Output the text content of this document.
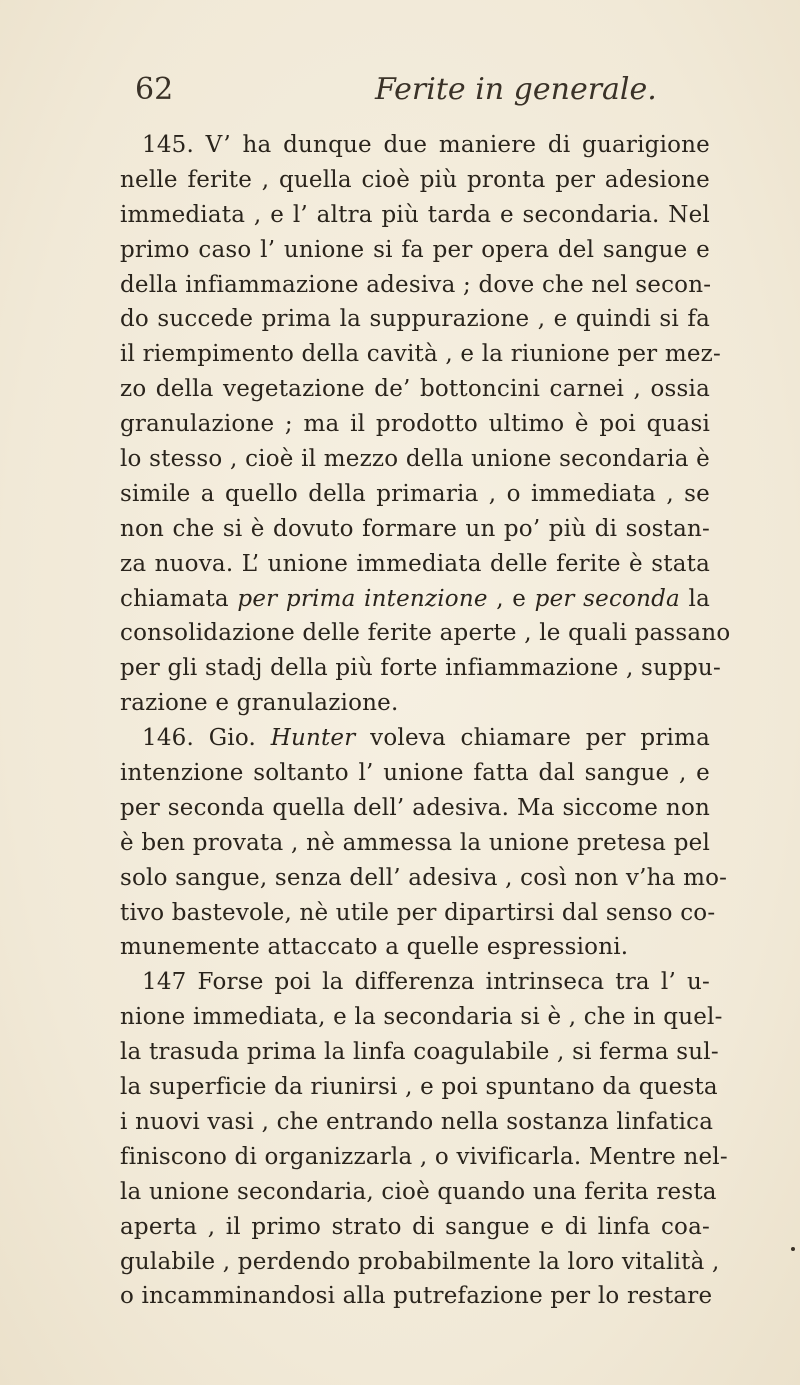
62	Ferite in generale.
145. V’ ha dunque due maniere di guarigione
nelle ferite , quella cioè più pronta per adesione
immediata , e l’ altra più tarda e secondaria. Nel
primo caso l’ unione si fa per opera del sangue e
della infiammazione adesiva ; dove che nel secon-
do succede prima la suppurazione , e quindi si fa
il riempimento della cavità , e la riunione per mez-
zo della vegetazione de’ bottoncini carnei , ossia
granulazione ; ma il prodotto ultimo è poi quasi
lo stesso , cioè il mezzo della unione secondaria è
simile a quello della primaria , o immediata , se
non che si è dovuto formare un po’ più di sostan-
za nuova. L’ unione immediata delle ferite è stata
chiamata per prima intenzione , e per seconda la
consolidazione delle ferite aperte , le quali passano
per gli stadj della più forte infiammazione , suppu-
razione e granulazione.
146. Gio. Hunter voleva chiamare per prima
intenzione soltanto l’ unione fatta dal sangue , e
per seconda quella dell’ adesiva. Ma siccome non
è ben provata , nè ammessa la unione pretesa pel
solo sangue, senza dell’ adesiva , così non v’ha mo-
tivo bastevole, nè utile per dipartirsi dal senso co-
munemente attaccato a quelle espressioni.
147 Forse poi la differenza intrinseca tra l’ u-
nione immediata, e la secondaria si è , che in quel-
la trasuda prima la linfa coagulabile , si ferma sul-
la superficie da riunirsi , e poi spuntano da questa
i nuovi vasi , che entrando nella sostanza linfatica
finiscono di organizzarla , o vivificarla. Mentre nel-
la unione secondaria, cioè quando una ferita resta
aperta , il primo strato di sangue e di linfa coa-
gulabile , perdendo probabilmente la loro vitalità ,
o incamminandosi alla putrefazione per lo restare
